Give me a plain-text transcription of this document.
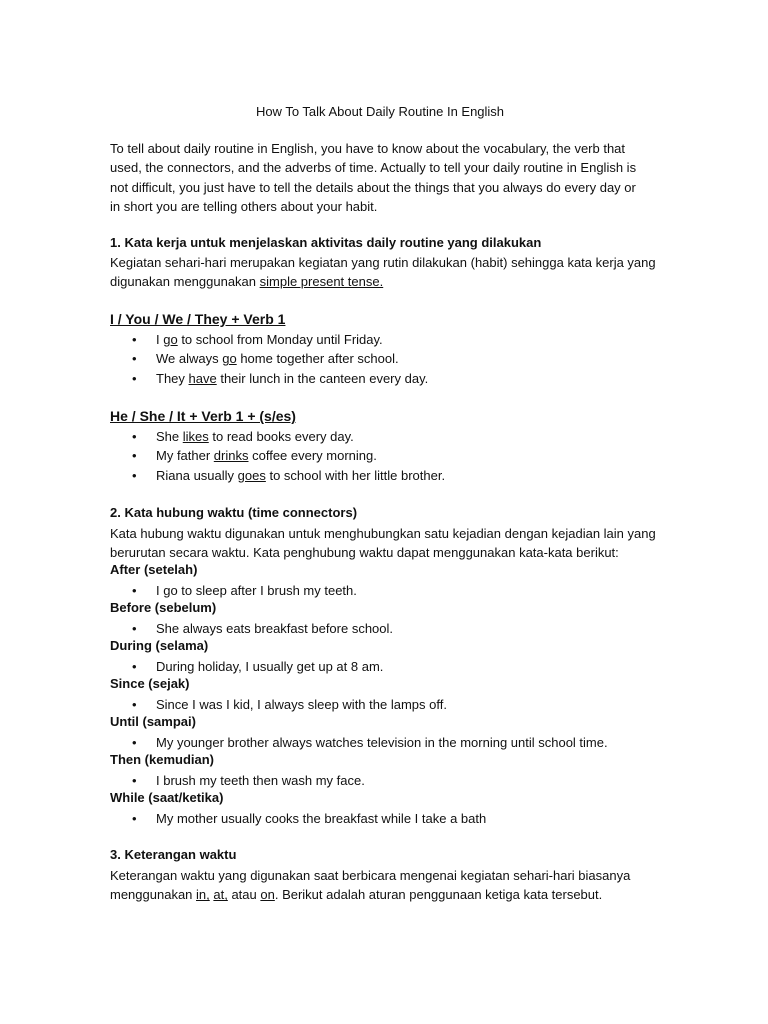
How To Talk About Daily Routine In English
To tell about daily routine in English, you have to know about the vocabulary, the verb that
used, the connectors, and the adverbs of time. Actually to tell your daily routine in English is
not difficult, you just have to tell the details about the things that you always do every day or
in short you are telling others about your habit.
1. Kata kerja untuk menjelaskan aktivitas daily routine yang dilakukan
Kegiatan sehari-hari merupakan kegiatan yang rutin dilakukan (habit) sehingga kata kerja yang
digunakan menggunakan simple present tense.
I / You / We / They + Verb 1
• I go to school from Monday until Friday.
• We always go home together after school.
• They have their lunch in the canteen every day.
He / She / It + Verb 1 + (s/es)
• She likes to read books every day.
• My father drinks coffee every morning.
• Riana usually goes to school with her little brother.
2. Kata hubung waktu (time connectors)
Kata hubung waktu digunakan untuk menghubungkan satu kejadian dengan kejadian lain yang
berurutan secara waktu. Kata penghubung waktu dapat menggunakan kata-kata berikut:
After (setelah)
• I go to sleep after I brush my teeth.
Before (sebelum)
• She always eats breakfast before school.
During (selama)
• During holiday, I usually get up at 8 am.
Since (sejak)
• Since I was I kid, I always sleep with the lamps off.
Until (sampai)
• My younger brother always watches television in the morning until school time.
Then (kemudian)
• I brush my teeth then wash my face.
While (saat/ketika)
• My mother usually cooks the breakfast while I take a bath
3. Keterangan waktu
Keterangan waktu yang digunakan saat berbicara mengenai kegiatan sehari-hari biasanya
menggunakan in, at, atau on. Berikut adalah aturan penggunaan ketiga kata tersebut.
